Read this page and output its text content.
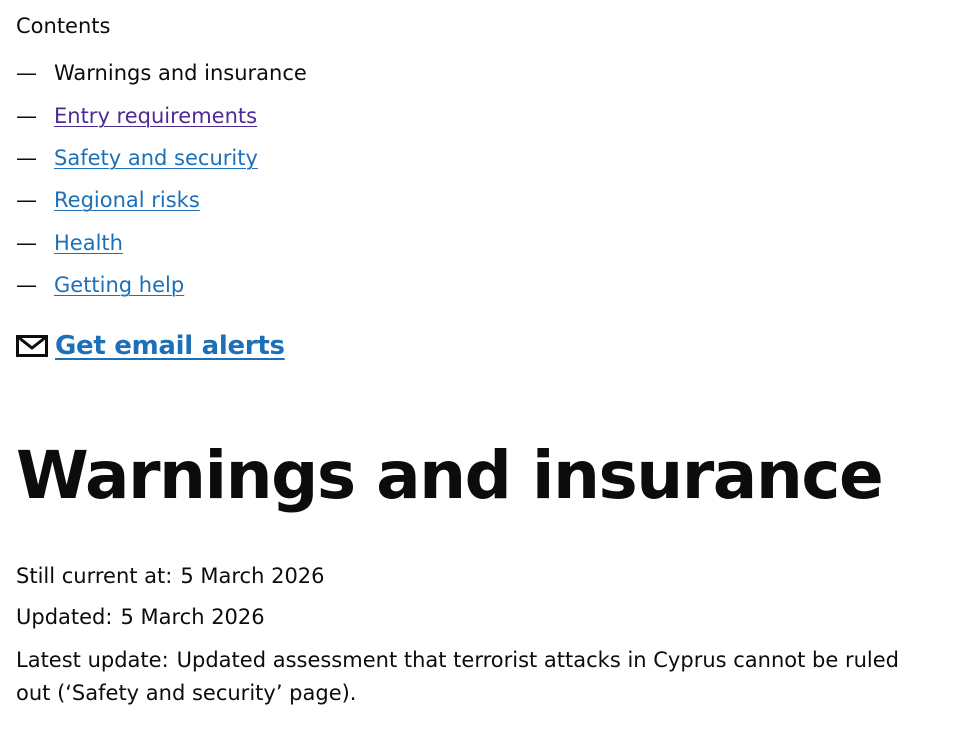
Contents
— Warnings and insurance
— Entry requirements
— Safety and security
— Regional risks
— Health
— Getting help
Get email alerts
Warnings and insurance

Still current at: 5 March 2026

Updated: 5 March 2026

Latest update: Updated assessment that terrorist attacks in Cyprus cannot be ruled out (‘Safety and security’ page).
